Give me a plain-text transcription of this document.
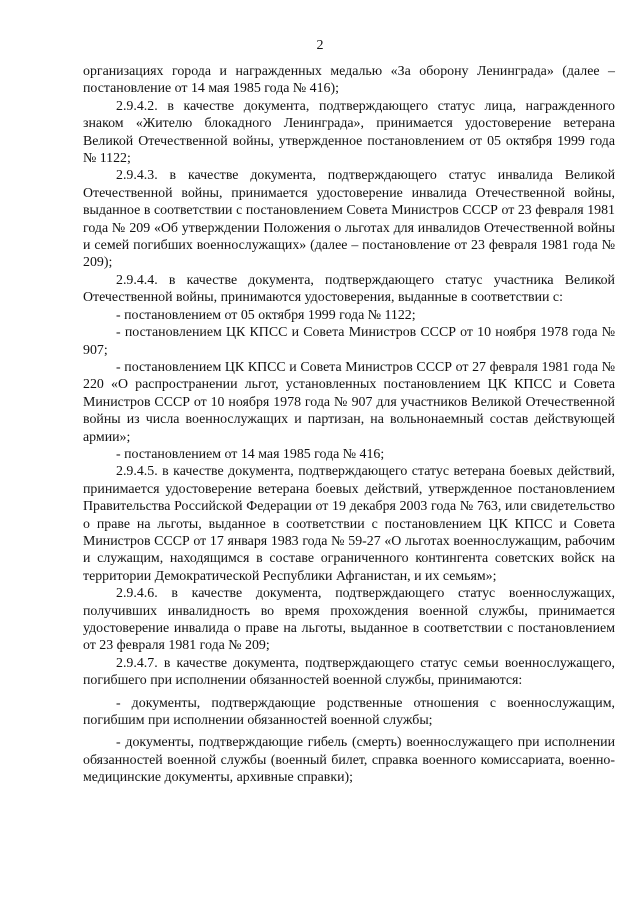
2

организациях города и награжденных медалью «За оборону Ленинграда» (далее – постановление от 14 мая 1985 года № 416);

2.9.4.2. в качестве документа, подтверждающего статус лица, награжденного знаком «Жителю блокадного Ленинграда», принимается удостоверение ветерана Великой Отечественной войны, утвержденное постановлением от 05 октября 1999 года № 1122;

2.9.4.3. в качестве документа, подтверждающего статус инвалида Великой Отечественной войны, принимается удостоверение инвалида Отечественной войны, выданное в соответствии с постановлением Совета Министров СССР от 23 февраля 1981 года № 209 «Об утверждении Положения о льготах для инвалидов Отечественной войны и семей погибших военнослужащих» (далее – постановление от 23 февраля 1981 года № 209);

2.9.4.4. в качестве документа, подтверждающего статус участника Великой Отечественной войны, принимаются удостоверения, выданные в соответствии с:

- постановлением от 05 октября 1999 года № 1122;

- постановлением ЦК КПСС и Совета Министров СССР от 10 ноября 1978 года № 907;

- постановлением ЦК КПСС и Совета Министров СССР от 27 февраля 1981 года № 220 «О распространении льгот, установленных постановлением ЦК КПСС и Совета Министров СССР от 10 ноября 1978 года № 907 для участников Великой Отечественной войны из числа военнослужащих и партизан, на вольнонаемный состав действующей армии»;

- постановлением от 14 мая 1985 года № 416;

2.9.4.5. в качестве документа, подтверждающего статус ветерана боевых действий, принимается удостоверение ветерана боевых действий, утвержденное постановлением Правительства Российской Федерации от 19 декабря 2003 года № 763, или свидетельство о праве на льготы, выданное в соответствии с постановлением ЦК КПСС и Совета Министров СССР от 17 января 1983 года № 59-27 «О льготах военнослужащим, рабочим и служащим, находящимся в составе ограниченного контингента советских войск на территории Демократической Республики Афганистан, и их семьям»;

2.9.4.6. в качестве документа, подтверждающего статус военнослужащих, получивших инвалидность во время прохождения военной службы, принимается удостоверение инвалида о праве на льготы, выданное в соответствии с постановлением от 23 февраля 1981 года № 209;

2.9.4.7. в качестве документа, подтверждающего статус семьи военнослужащего, погибшего при исполнении обязанностей военной службы, принимаются:

- документы, подтверждающие родственные отношения с военнослужащим, погибшим при исполнении обязанностей военной службы;

- документы, подтверждающие гибель (смерть) военнослужащего при исполнении обязанностей военной службы (военный билет, справка военного комиссариата, военно-медицинские документы, архивные справки);
